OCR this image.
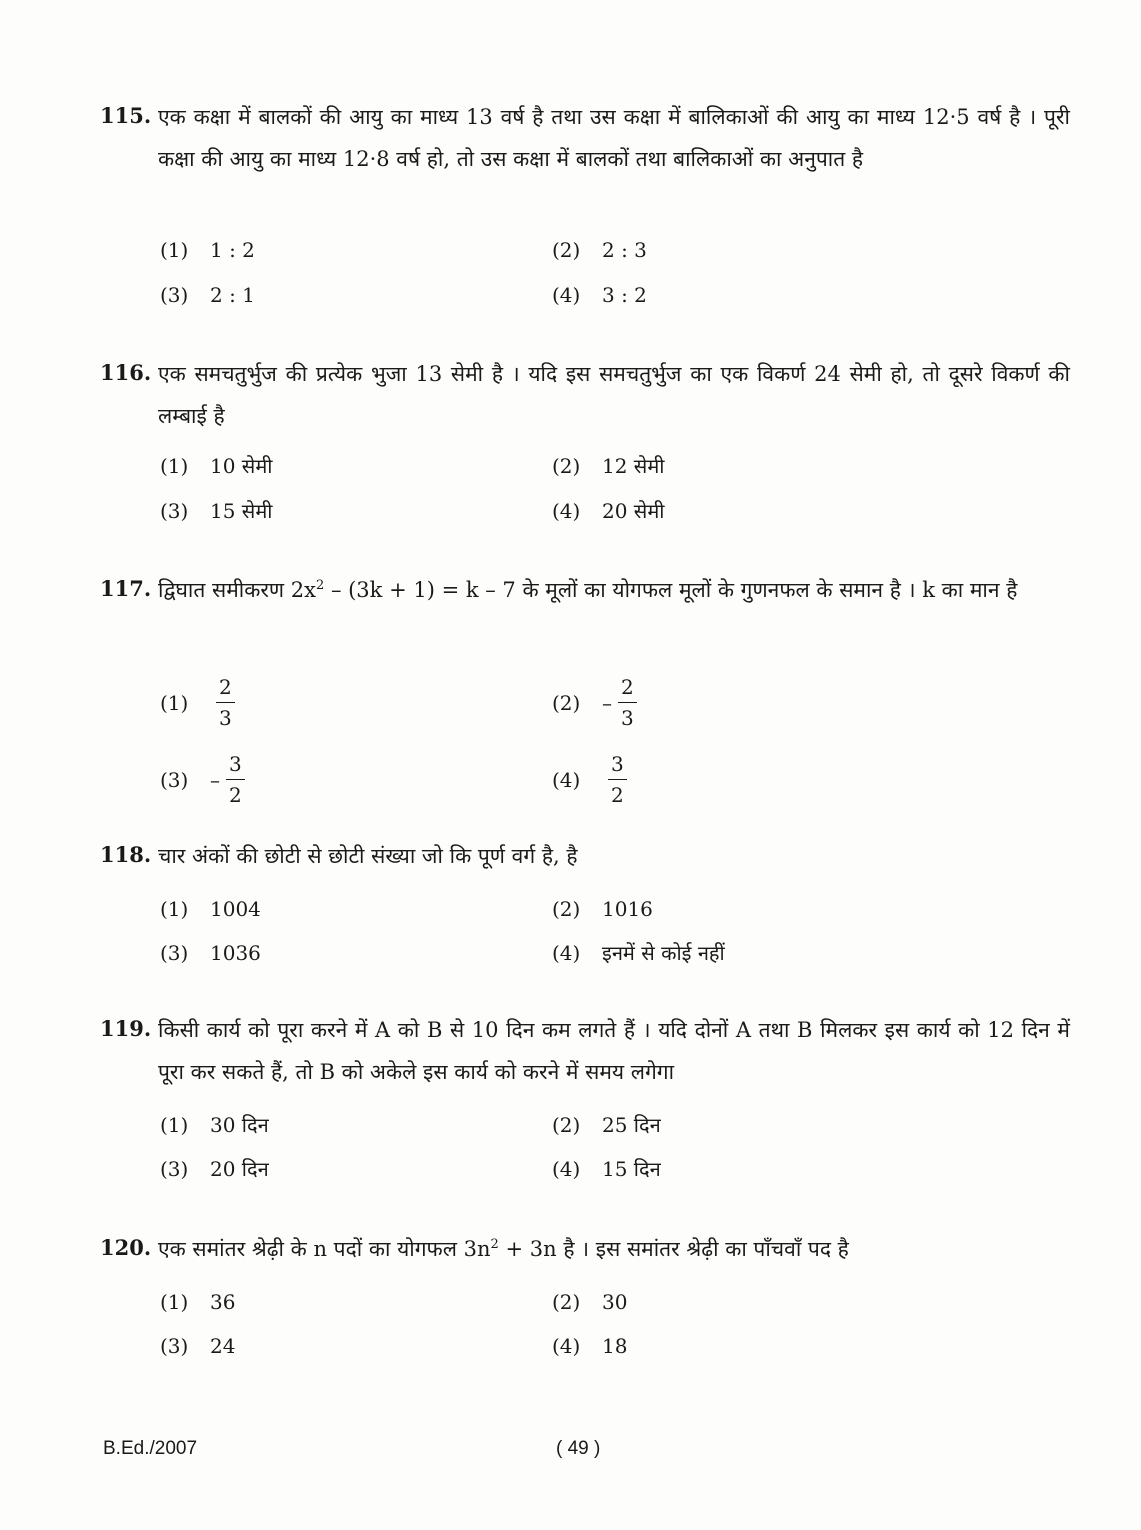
115. एक कक्षा में बालकों की आयु का माध्य 13 वर्ष है तथा उस कक्षा में बालिकाओं की आयु का माध्य 12·5 वर्ष है । पूरी कक्षा की आयु का माध्य 12·8 वर्ष हो, तो उस कक्षा में बालकों तथा बालिकाओं का अनुपात है
(1) 1 : 2	(2) 2 : 3
(3) 2 : 1	(4) 3 : 2
116. एक समचतुर्भुज की प्रत्येक भुजा 13 सेमी है । यदि इस समचतुर्भुज का एक विकर्ण 24 सेमी हो, तो दूसरे विकर्ण की लम्बाई है
(1) 10 सेमी	(2) 12 सेमी
(3) 15 सेमी	(4) 20 सेमी
117. द्विघात समीकरण $2x^2 - (3k + 1) = k - 7$ के मूलों का योगफल मूलों के गुणनफल के समान है । k का मान है
$(1) \frac{2}{3}$	$(2) - \frac{2}{3}$
$(3) - \frac{3}{2}$	$(4) \frac{3}{2}$
118. चार अंकों की छोटी से छोटी संख्या जो कि पूर्ण वर्ग है, है
(1) 1004	(2) 1016
(3) 1036	(4) इनमें से कोई नहीं
119. किसी कार्य को पूरा करने में A को B से 10 दिन कम लगते हैं । यदि दोनों A तथा B मिलकर इस कार्य को 12 दिन में पूरा कर सकते हैं, तो B को अकेले इस कार्य को करने में समय लगेगा
(1) 30 दिन	(2) 25 दिन
(3) 20 दिन	(4) 15 दिन
120. एक समांतर श्रेढ़ी के n पदों का योगफल $3n^2 + 3n$ है । इस समांतर श्रेढ़ी का पाँचवाँ पद है
(1) 36	(2) 30
(3) 24	(4) 18
B.Ed./2007	( 49 )
